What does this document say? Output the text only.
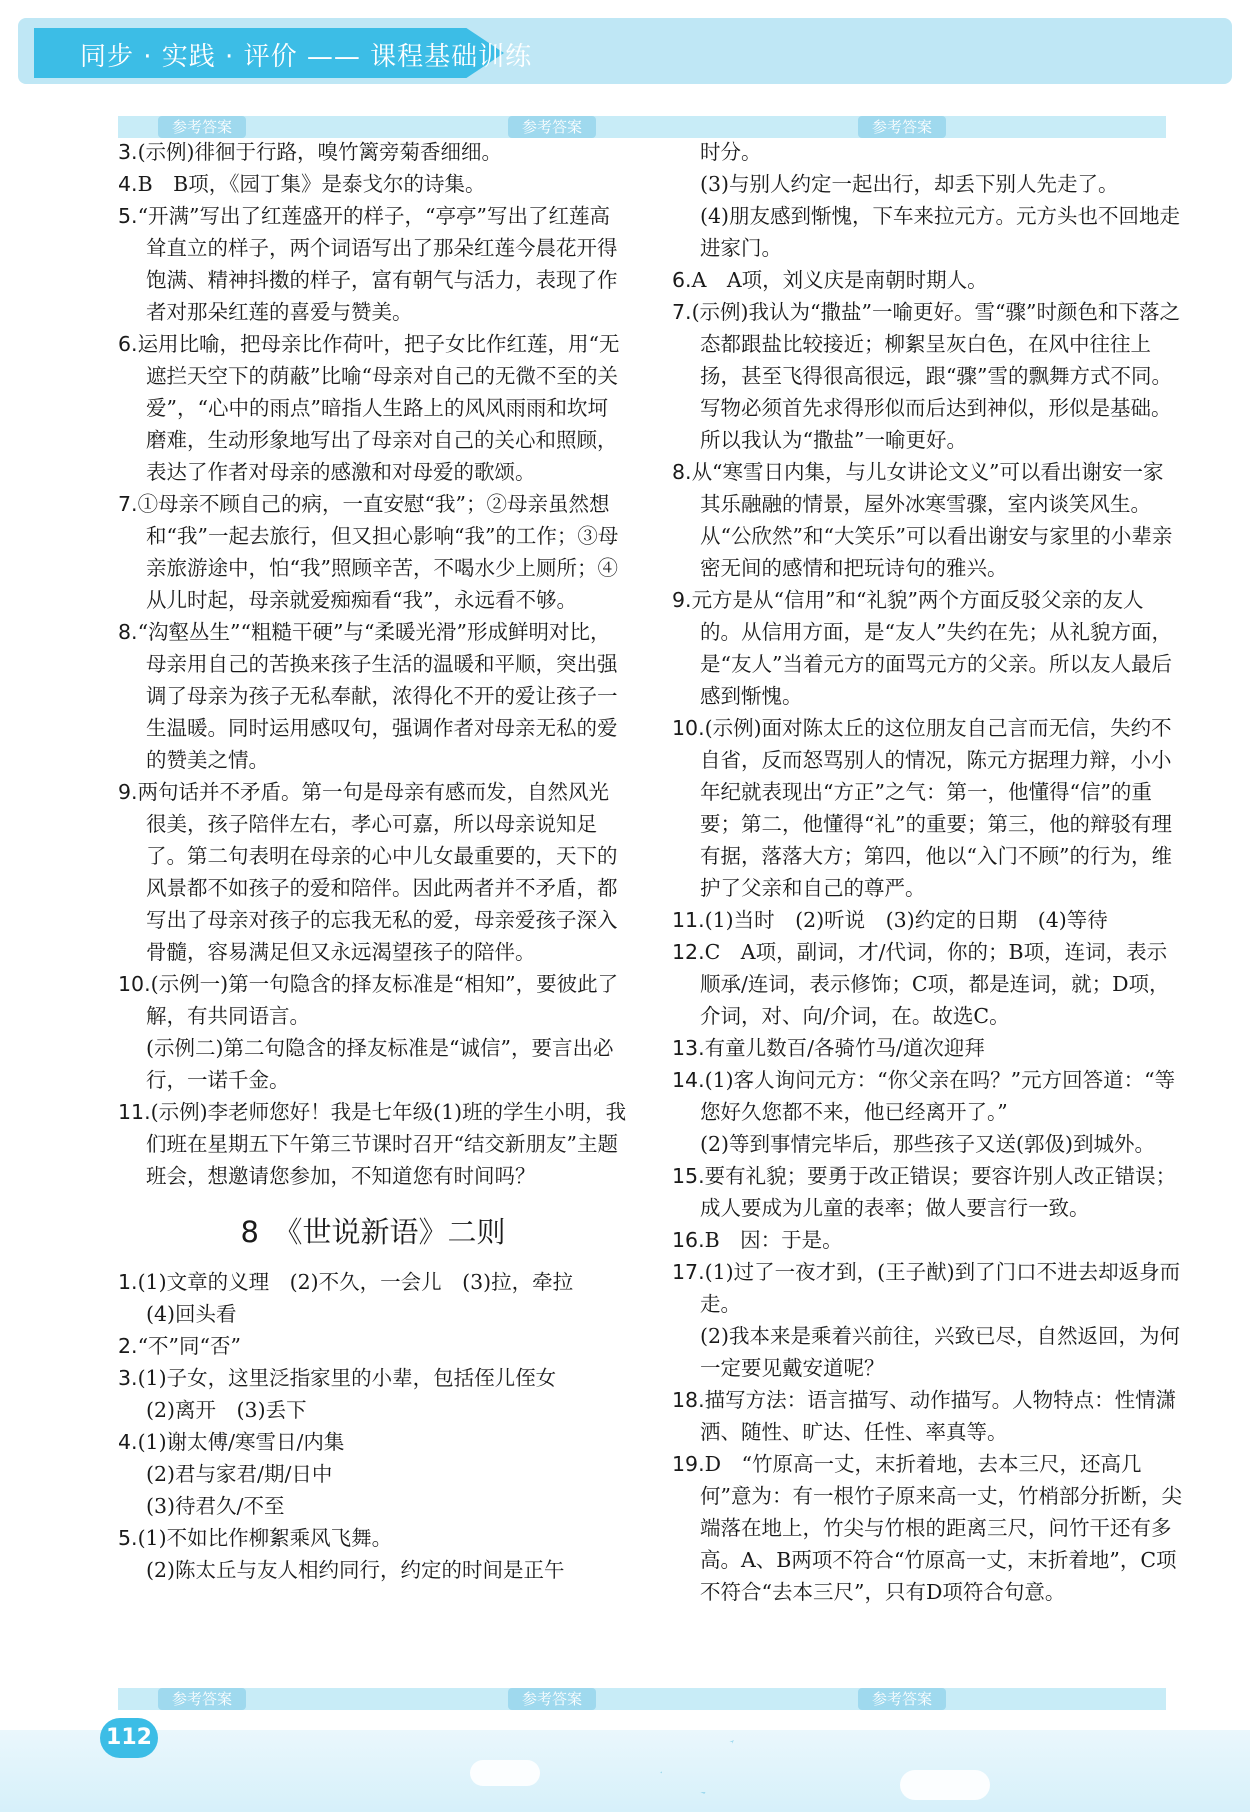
同步 · 实践 · 评价 —— 课程基础训练
参考答案	参考答案	参考答案

3.(示例)徘徊于行路，嗅竹篱旁菊香细细。

4.B　B项，《园丁集》是泰戈尔的诗集。

5.“开满”写出了红莲盛开的样子，“亭亭”写出了红莲高耸直立的样子，两个词语写出了那朵红莲今晨花开得饱满、精神抖擞的样子，富有朝气与活力，表现了作者对那朵红莲的喜爱与赞美。

6.运用比喻，把母亲比作荷叶，把子女比作红莲，用“无遮拦天空下的荫蔽”比喻“母亲对自己的无微不至的关爱”，“心中的雨点”暗指人生路上的风风雨雨和坎坷磨难，生动形象地写出了母亲对自己的关心和照顾，表达了作者对母亲的感激和对母爱的歌颂。

7.①母亲不顾自己的病，一直安慰“我”；②母亲虽然想和“我”一起去旅行，但又担心影响“我”的工作；③母亲旅游途中，怕“我”照顾辛苦，不喝水少上厕所；④从儿时起，母亲就爱痴痴看“我”，永远看不够。

8.“沟壑丛生”“粗糙干硬”与“柔暖光滑”形成鲜明对比，母亲用自己的苦换来孩子生活的温暖和平顺，突出强调了母亲为孩子无私奉献，浓得化不开的爱让孩子一生温暖。同时运用感叹句，强调作者对母亲无私的爱的赞美之情。

9.两句话并不矛盾。第一句是母亲有感而发，自然风光很美，孩子陪伴左右，孝心可嘉，所以母亲说知足了。第二句表明在母亲的心中儿女最重要的，天下的风景都不如孩子的爱和陪伴。因此两者并不矛盾，都写出了母亲对孩子的忘我无私的爱，母亲爱孩子深入骨髓，容易满足但又永远渴望孩子的陪伴。

10.(示例一)第一句隐含的择友标准是“相知”，要彼此了解，有共同语言。

(示例二)第二句隐含的择友标准是“诚信”，要言出必行，一诺千金。

11.(示例)李老师您好！我是七年级(1)班的学生小明，我们班在星期五下午第三节课时召开“结交新朋友”主题班会，想邀请您参加，不知道您有时间吗？

8　《世说新语》二则

1.(1)文章的义理　(2)不久，一会儿　(3)拉，牵拉

(4)回头看

2.“不”同“否”

3.(1)子女，这里泛指家里的小辈，包括侄儿侄女

(2)离开　(3)丢下

4.(1)谢太傅/寒雪日/内集

(2)君与家君/期/日中

(3)待君久/不至

5.(1)不如比作柳絮乘风飞舞。

(2)陈太丘与友人相约同行，约定的时间是正午

时分。

(3)与别人约定一起出行，却丢下别人先走了。

(4)朋友感到惭愧，下车来拉元方。元方头也不回地走进家门。

6.A　A项，刘义庆是南朝时期人。

7.(示例)我认为“撒盐”一喻更好。雪“骤”时颜色和下落之态都跟盐比较接近；柳絮呈灰白色，在风中往往上扬，甚至飞得很高很远，跟“骤”雪的飘舞方式不同。写物必须首先求得形似而后达到神似，形似是基础。所以我认为“撒盐”一喻更好。

8.从“寒雪日内集，与儿女讲论文义”可以看出谢安一家其乐融融的情景，屋外冰寒雪骤，室内谈笑风生。从“公欣然”和“大笑乐”可以看出谢安与家里的小辈亲密无间的感情和把玩诗句的雅兴。

9.元方是从“信用”和“礼貌”两个方面反驳父亲的友人的。从信用方面，是“友人”失约在先；从礼貌方面，是“友人”当着元方的面骂元方的父亲。所以友人最后感到惭愧。

10.(示例)面对陈太丘的这位朋友自己言而无信，失约不自省，反而怒骂别人的情况，陈元方据理力辩，小小年纪就表现出“方正”之气：第一，他懂得“信”的重要；第二，他懂得“礼”的重要；第三，他的辩驳有理有据，落落大方；第四，他以“入门不顾”的行为，维护了父亲和自己的尊严。

11.(1)当时　(2)听说　(3)约定的日期　(4)等待

12.C　A项，副词，才/代词，你的；B项，连词，表示顺承/连词，表示修饰；C项，都是连词，就；D项，介词，对、向/介词，在。故选C。

13.有童儿数百/各骑竹马/道次迎拜

14.(1)客人询问元方：“你父亲在吗？”元方回答道：“等您好久您都不来，他已经离开了。”

(2)等到事情完毕后，那些孩子又送(郭伋)到城外。

15.要有礼貌；要勇于改正错误；要容许别人改正错误；成人要成为儿童的表率；做人要言行一致。

16.B　因：于是。

17.(1)过了一夜才到，(王子猷)到了门口不进去却返身而走。

(2)我本来是乘着兴前往，兴致已尽，自然返回，为何一定要见戴安道呢？

18.描写方法：语言描写、动作描写。人物特点：性情潇洒、随性、旷达、任性、率真等。

19.D　“竹原高一丈，末折着地，去本三尺，还高几何”意为：有一根竹子原来高一丈，竹梢部分折断，尖端落在地上，竹尖与竹根的距离三尺，问竹干还有多高。A、B两项不符合“竹原高一丈，末折着地”，C项不符合“去本三尺”，只有D项符合句意。

参考答案	参考答案	参考答案
112
